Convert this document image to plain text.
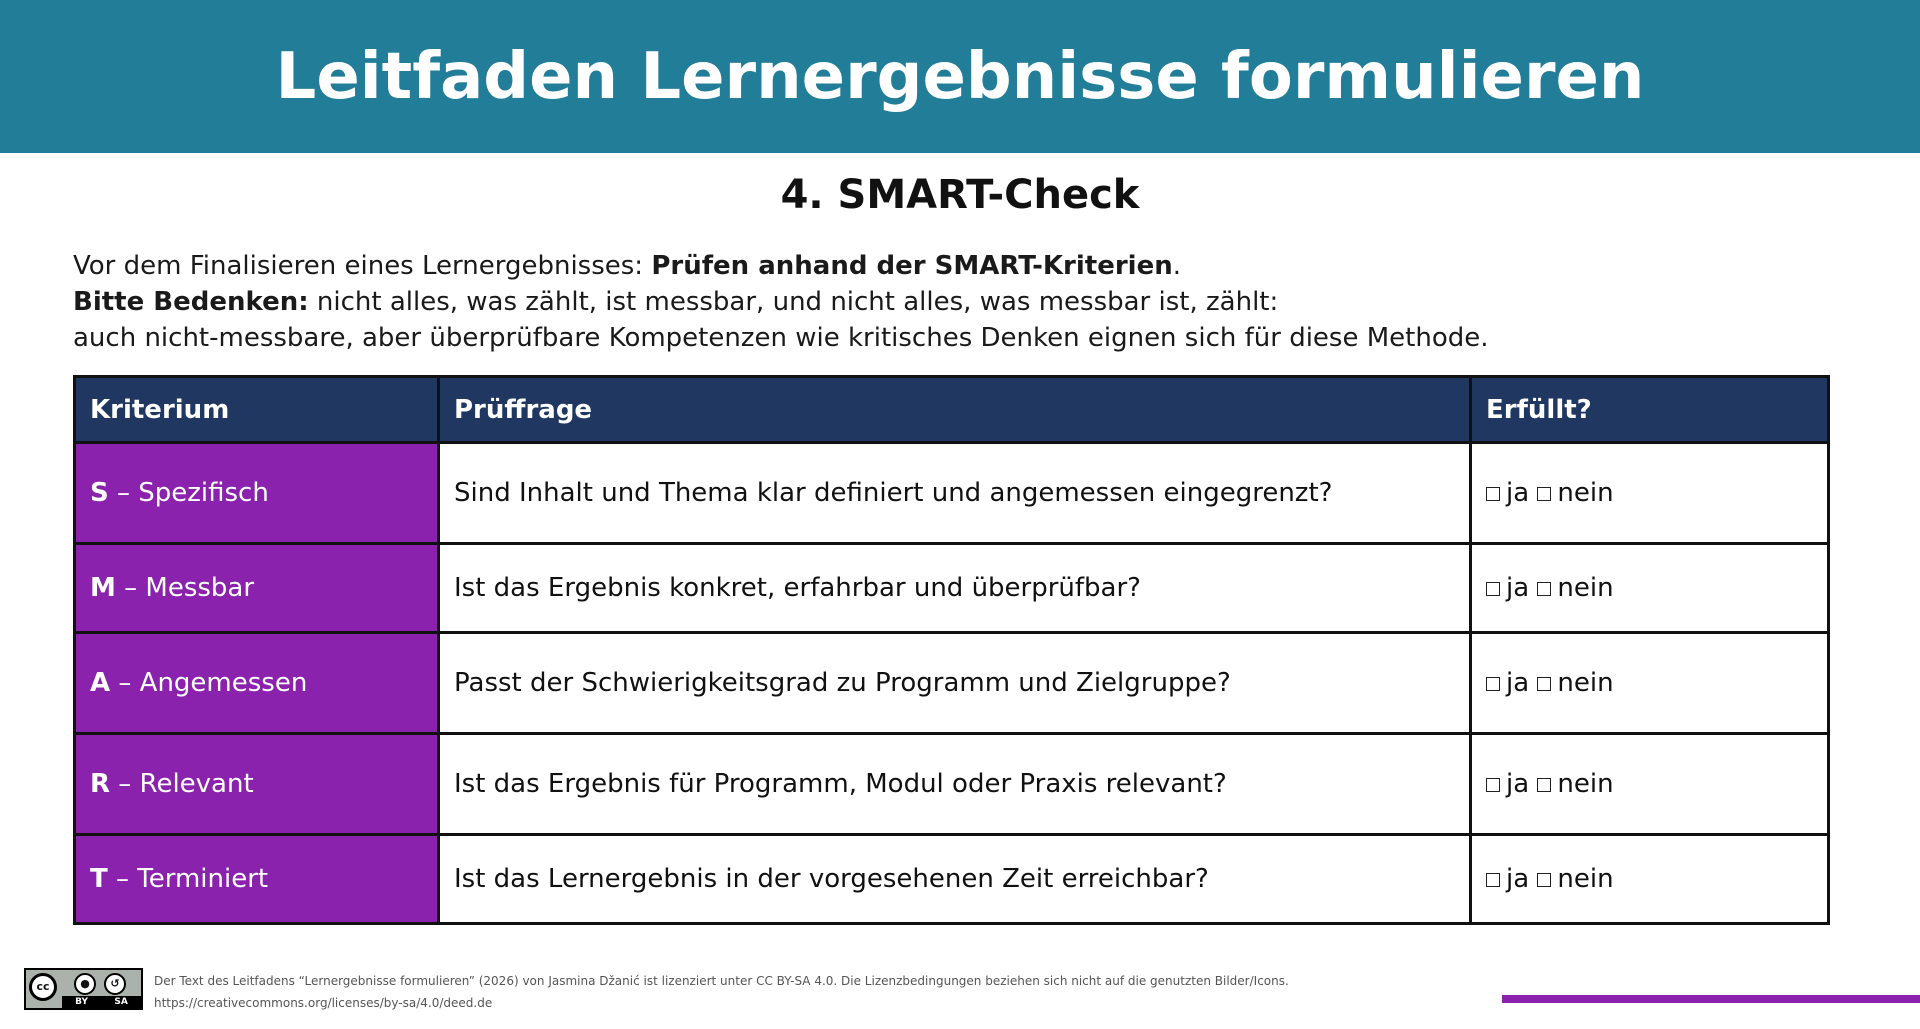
Leitfaden Lernergebnisse formulieren
4. SMART-Check

Vor dem Finalisieren eines Lernergebnisses: Prüfen anhand der SMART-Kriterien.

Bitte Bedenken: nicht alles, was zählt, ist messbar, und nicht alles, was messbar ist, zählt:

auch nicht-messbare, aber überprüfbare Kompetenzen wie kritisches Denken eignen sich für diese Methode.

Kriterium	Prüffrage	Erfüllt?
S – Spezifisch	Sind Inhalt und Thema klar definiert und angemessen eingegrenzt?	ja nein
M – Messbar	Ist das Ergebnis konkret, erfahrbar und überprüfbar?	ja nein
A – Angemessen	Passt der Schwierigkeitsgrad zu Programm und Zielgruppe?	ja nein
R – Relevant	Ist das Ergebnis für Programm, Modul oder Praxis relevant?	ja nein
T – Terminiert	Ist das Lernergebnis in der vorgesehenen Zeit erreichbar?	ja nein
cc	●	↺
BY	SA
Der Text des Leitfadens “Lernergebnisse formulieren” (2026) von Jasmina Džanić ist lizenziert unter CC BY-SA 4.0. Die Lizenzbedingungen beziehen sich nicht auf die genutzten Bilder/Icons.
https://creativecommons.org/licenses/by-sa/4.0/deed.de
